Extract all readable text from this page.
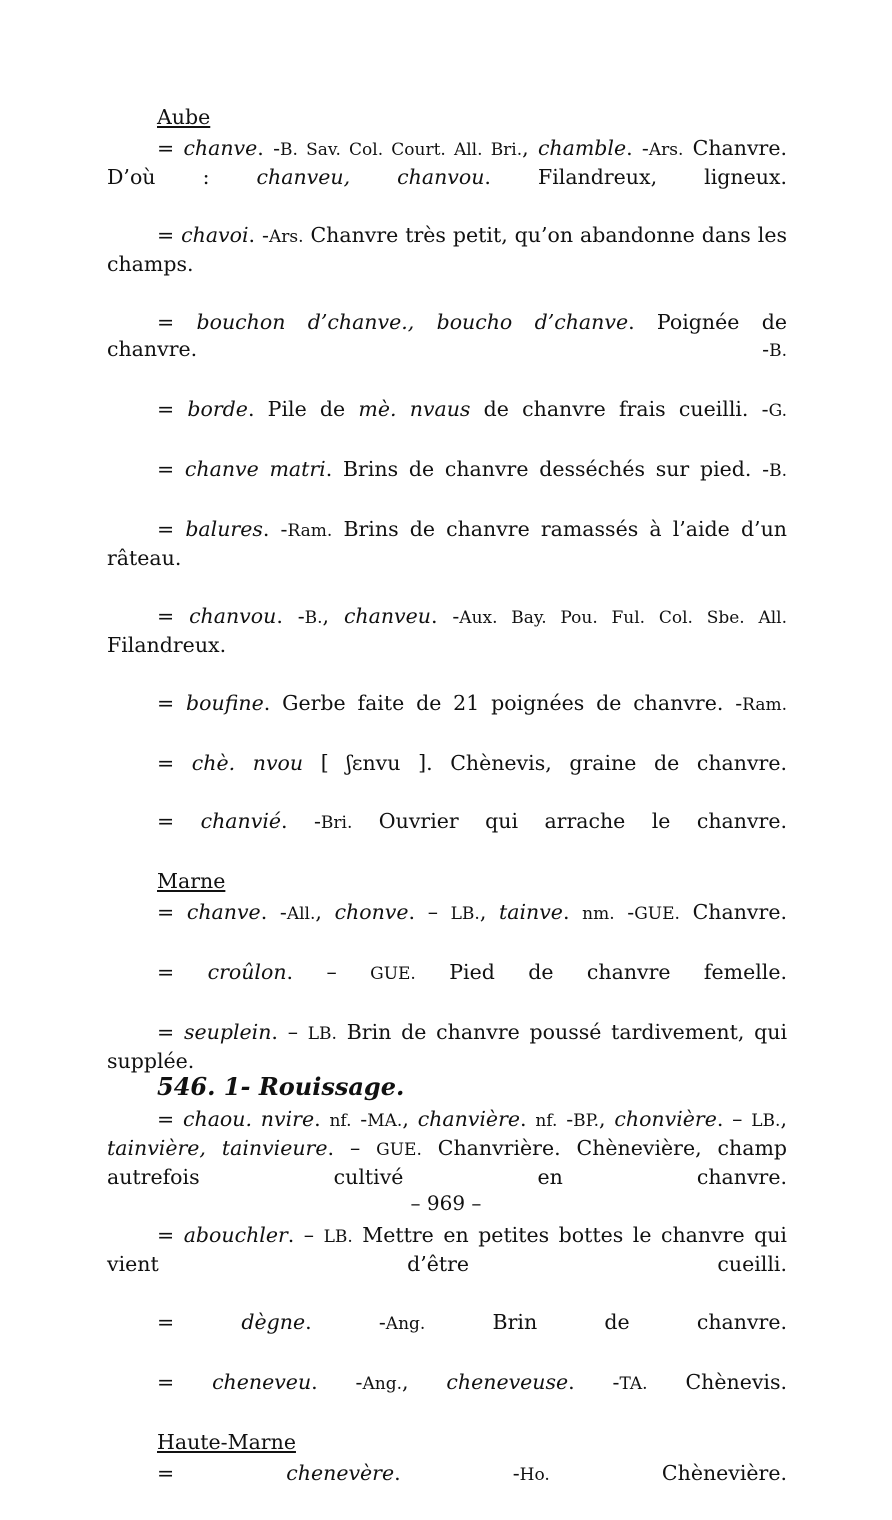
Aube

= chanve. -B. Sav. Col. Court. All. Bri., chamble. -Ars. Chanvre. D’où : chanveu, chanvou. Filandreux, ligneux.

= chavoi. -Ars. Chanvre très petit, qu’on abandonne dans les champs.

= bouchon d’chanve., boucho d’chanve. Poignée de chanvre. -B.

= borde. Pile de mè. nvaus de chanvre frais cueilli. -G.

= chanve matri. Brins de chanvre desséchés sur pied. -B.

= balures. -Ram. Brins de chanvre ramassés à l’aide d’un râteau.

= chanvou. -B., chanveu. -Aux. Bay. Pou. Ful. Col. Sbe. All. Filandreux.

= boufine. Gerbe faite de 21 poignées de chanvre. -Ram.

= chè. nvou [ ʃɛnvu ]. Chènevis, graine de chanvre.

= chanvié. -Bri. Ouvrier qui arrache le chanvre.

Marne

= chanve. -All., chonve. – LB., tainve. nm. -GUE. Chanvre.

= croûlon. – GUE. Pied de chanvre femelle.

= seuplein. – LB. Brin de chanvre poussé tardivement, qui supplée.

= chaou. nvire. nf. -MA., chanvière. nf. -BP., chonvière. – LB., tainvière, tainvieure. – GUE. Chanvrière. Chènevière, champ autrefois cultivé en chanvre.

= abouchler. – LB. Mettre en petites bottes le chanvre qui vient d’être cueilli.

= dègne. -Ang. Brin de chanvre.

= cheneveu. -Ang., cheneveuse. -TA. Chènevis.

Haute-Marne

= chenevère. -Ho. Chènevière.

546. 1- Rouissage.
– 969 –
